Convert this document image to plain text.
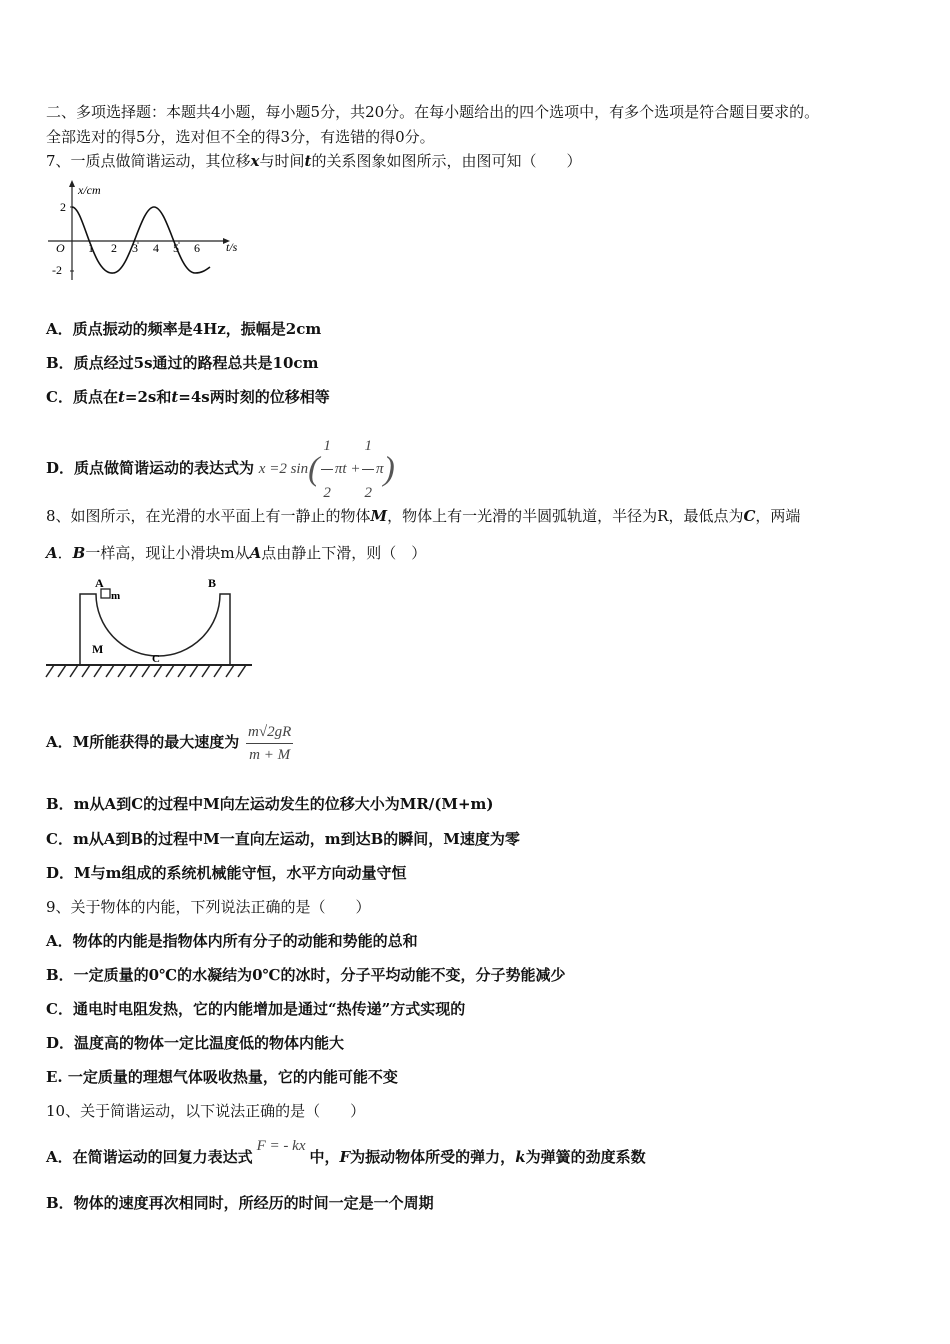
二、多项选择题：本题共4小题，每小题5分，共20分。在每小题给出的四个选项中，有多个选项是符合题目要求的。
全部选对的得5分，选对但不全的得3分，有选错的得0分。
7、一质点做简谐运动，其位移x与时间t的关系图象如图所示，由图可知（　　）
x/cm
t/s
O
2
-2
1 2 3 4 5 6
A．质点振动的频率是4Hz，振幅是2cm
B．质点经过5s通过的路程总共是10cm
C．质点在t=2s和t=4s两时刻的位移相等
D．质点做简谐运动的表达式为 x =2 $\sin( \frac{1}{2}$ $\pi t + \frac{1}{2} \pi$)
8、如图所示，在光滑的水平面上有一静止的物体M，物体上有一光滑的半圆弧轨道，半径为R，最低点为C，两端
A．B一样高，现让小滑块m从A点由静止下滑，则（　）
A	B
m
M
C
A．M所能获得的最大速度为 $\frac{m√2gR}{m + M}$
B．m从A到C的过程中M向左运动发生的位移大小为MR/(M+m)
C．m从A到B的过程中M一直向左运动，m到达B的瞬间，M速度为零
D．M与m组成的系统机械能守恒，水平方向动量守恒
9、关于物体的内能，下列说法正确的是（　　）
A．物体的内能是指物体内所有分子的动能和势能的总和
B．一定质量的0℃的水凝结为0℃的冰时，分子平均动能不变，分子势能减少
C．通电时电阻发热，它的内能增加是通过“热传递”方式实现的
D．温度高的物体一定比温度低的物体内能大
E. 一定质量的理想气体吸收热量，它的内能可能不变
10、关于简谐运动，以下说法正确的是（　　）
A．在简谐运动的回复力表达式F = - kx中，F为振动物体所受的弹力，k为弹簧的劲度系数
B．物体的速度再次相同时，所经历的时间一定是一个周期
